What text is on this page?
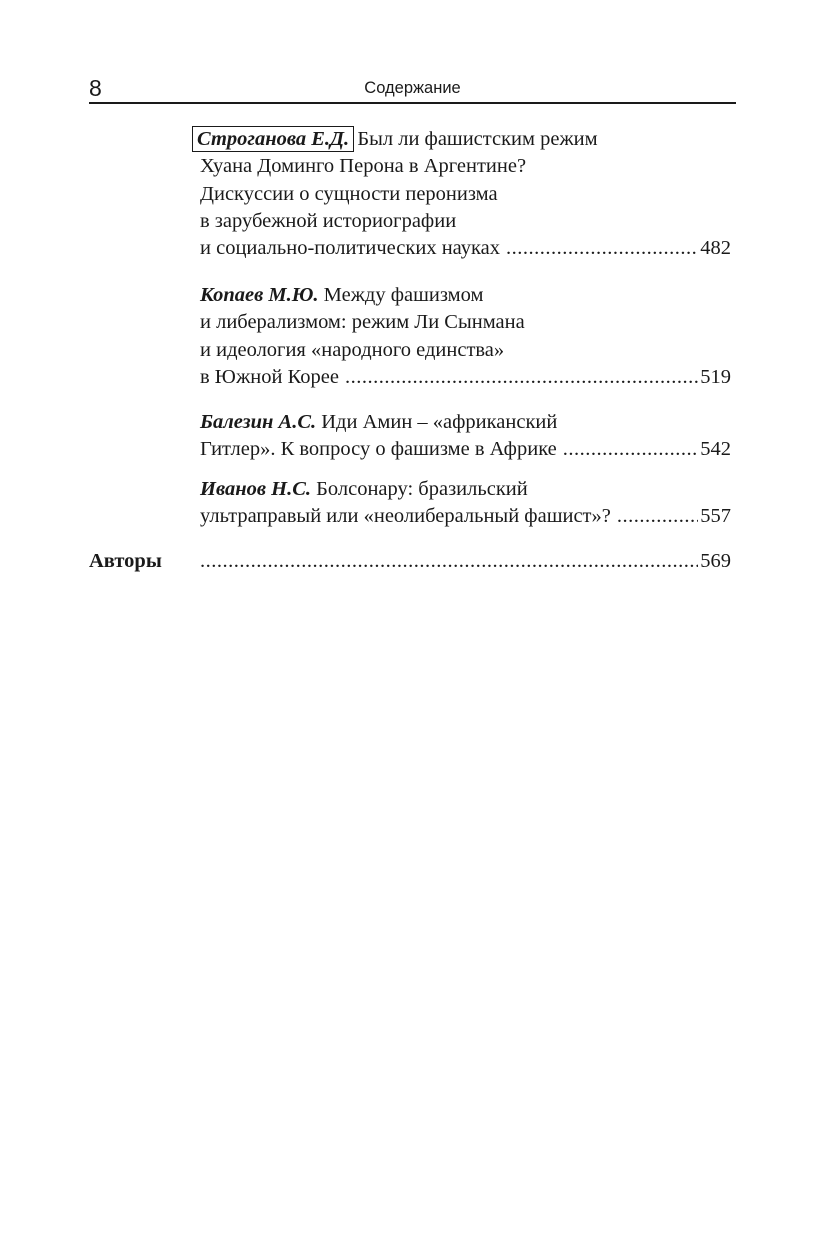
8	Содержание
Строганова Е.Д. Был ли фашистским режим
Хуана Доминго Перона в Аргентине?
Дискуссии о сущности перонизма
в зарубежной историографии
и социально-политических науках .....	482
Копаев М.Ю. Между фашизмом
и либерализмом: режим Ли Сынмана
и идеология «народного единства»
в Южной Корее .....	519
Балезин А.С. Иди Амин – «африканский
Гитлер». К вопросу о фашизме в Африке .....	542
Иванов Н.С. Болсонару: бразильский
ультраправый или «неолиберальный фашист»? .....	557
Авторы .....	569
